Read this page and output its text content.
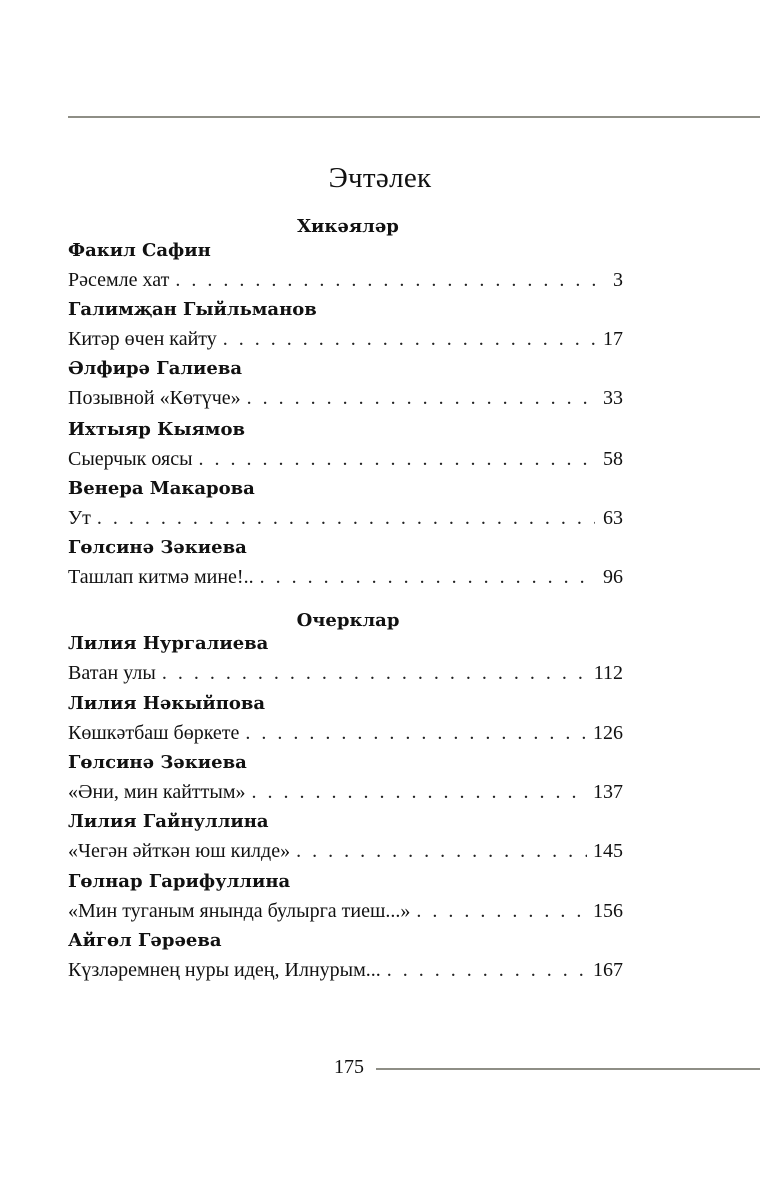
Эчтәлек
Хикәяләр
Факил Сафин
Рәсемле хат . . .	3
Галимҗан Гыйльманов
Китәр өчен кайту . . .	17
Әлфирә Галиева
Позывной «Көтүче» . . .	33
Ихтыяр Кыямов
Сыерчык оясы . . .	58
Венера Макарова
Ут . . .	63
Гөлсинә Зәкиева
Ташлап китмә мине!.. . . .	96
Очерклар
Лилия Нургалиева
Ватан улы . . .	112
Лилия Нәкыйпова
Көшкәтбаш бөркете . . .	126
Гөлсинә Зәкиева
«Әни, мин кайттым» . . .	137
Лилия Гайнуллина
«Чегән әйткән юш килде» . . .	145
Гөлнар Гарифуллина
«Мин туганым янында булырга тиеш...» . . .	156
Айгөл Гәрәева
Күзләремнең нуры идең, Илнурым... . . .	167
175
